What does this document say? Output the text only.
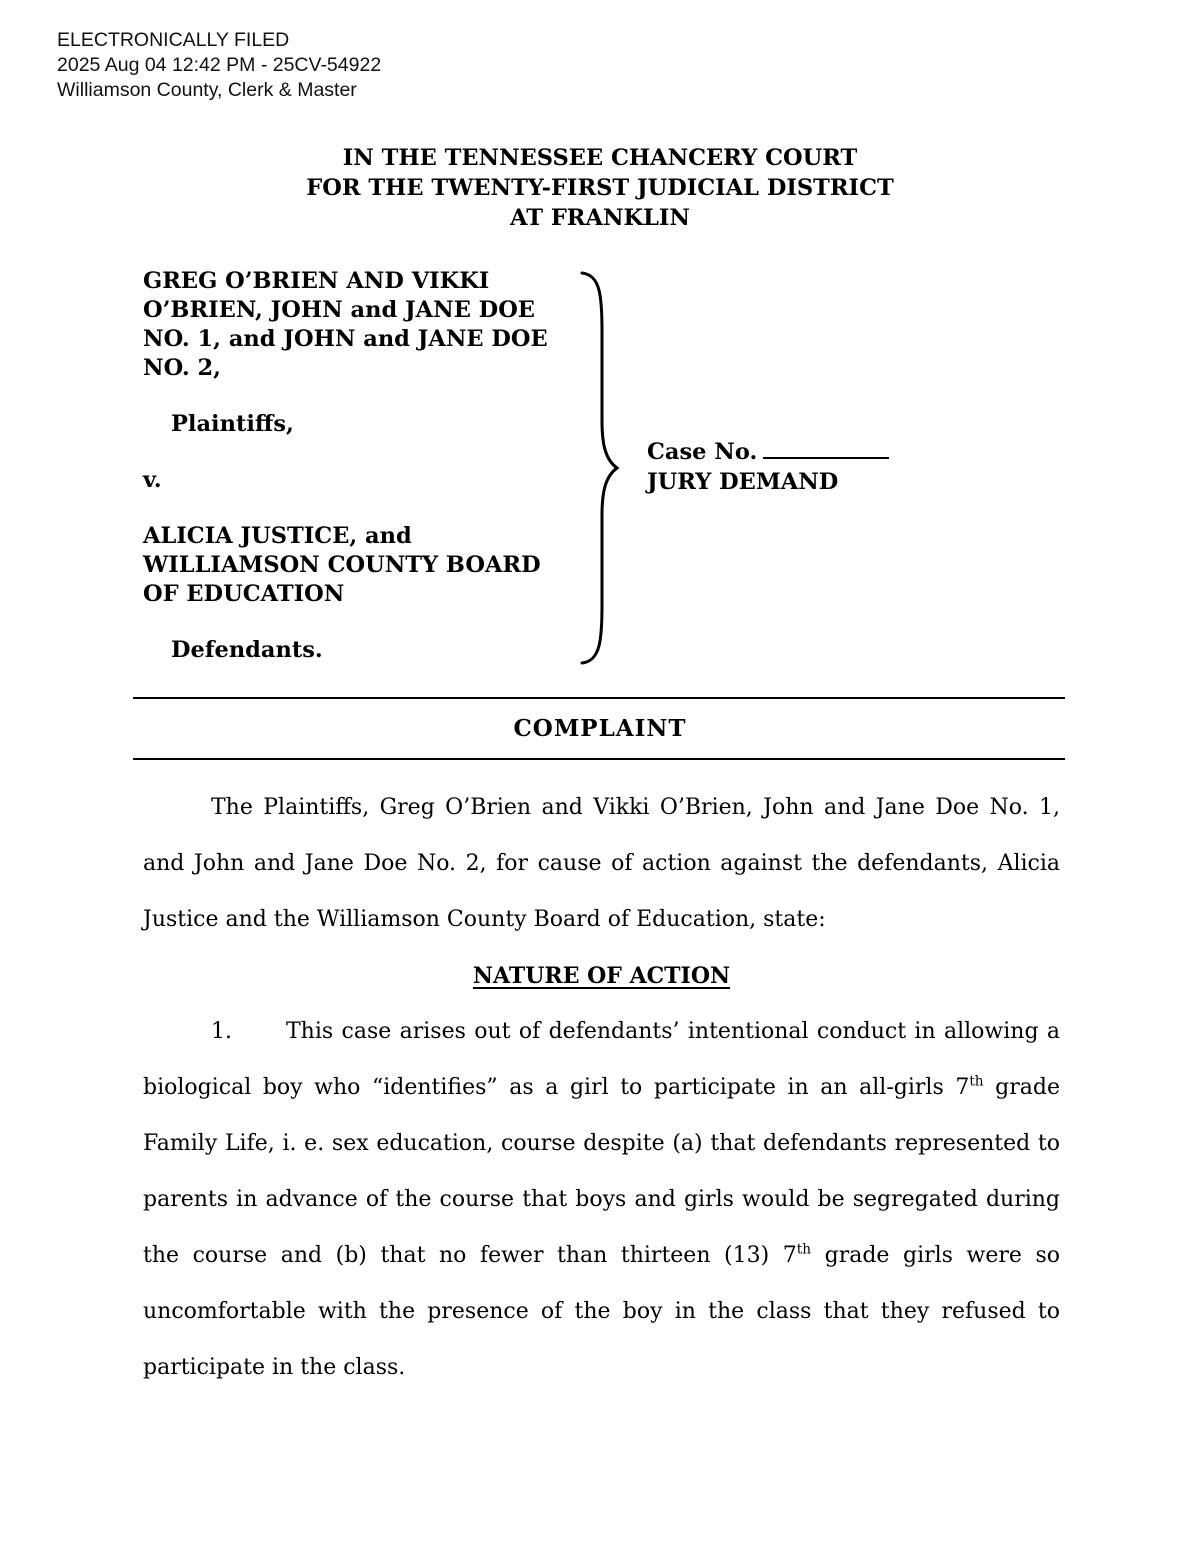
ELECTRONICALLY FILED
2025 Aug 04 12:42 PM - 25CV-54922
Williamson County, Clerk & Master
IN THE TENNESSEE CHANCERY COURT
FOR THE TWENTY-FIRST JUDICIAL DISTRICT
AT FRANKLIN
GREG O’BRIEN AND VIKKI
O’BRIEN, JOHN and JANE DOE
NO. 1, and JOHN and JANE DOE
NO. 2,
Plaintiffs,
v.
ALICIA JUSTICE, and
WILLIAMSON COUNTY BOARD
OF EDUCATION
Defendants.
Case No.
JURY DEMAND
COMPLAINT

The Plaintiffs, Greg O’Brien and Vikki O’Brien, John and Jane Doe No. 1, and John and Jane Doe No. 2, for cause of action against the defendants, Alicia Justice and the Williamson County Board of Education, state:

NATURE OF ACTION

1. This case arises out of defendants’ intentional conduct in allowing a biological boy who “identifies” as a girl to participate in an all-girls 7th grade Family Life, i. e. sex education, course despite (a) that defendants represented to parents in advance of the course that boys and girls would be segregated during the course and (b) that no fewer than thirteen (13) 7th grade girls were so uncomfortable with the presence of the boy in the class that they refused to participate in the class.
